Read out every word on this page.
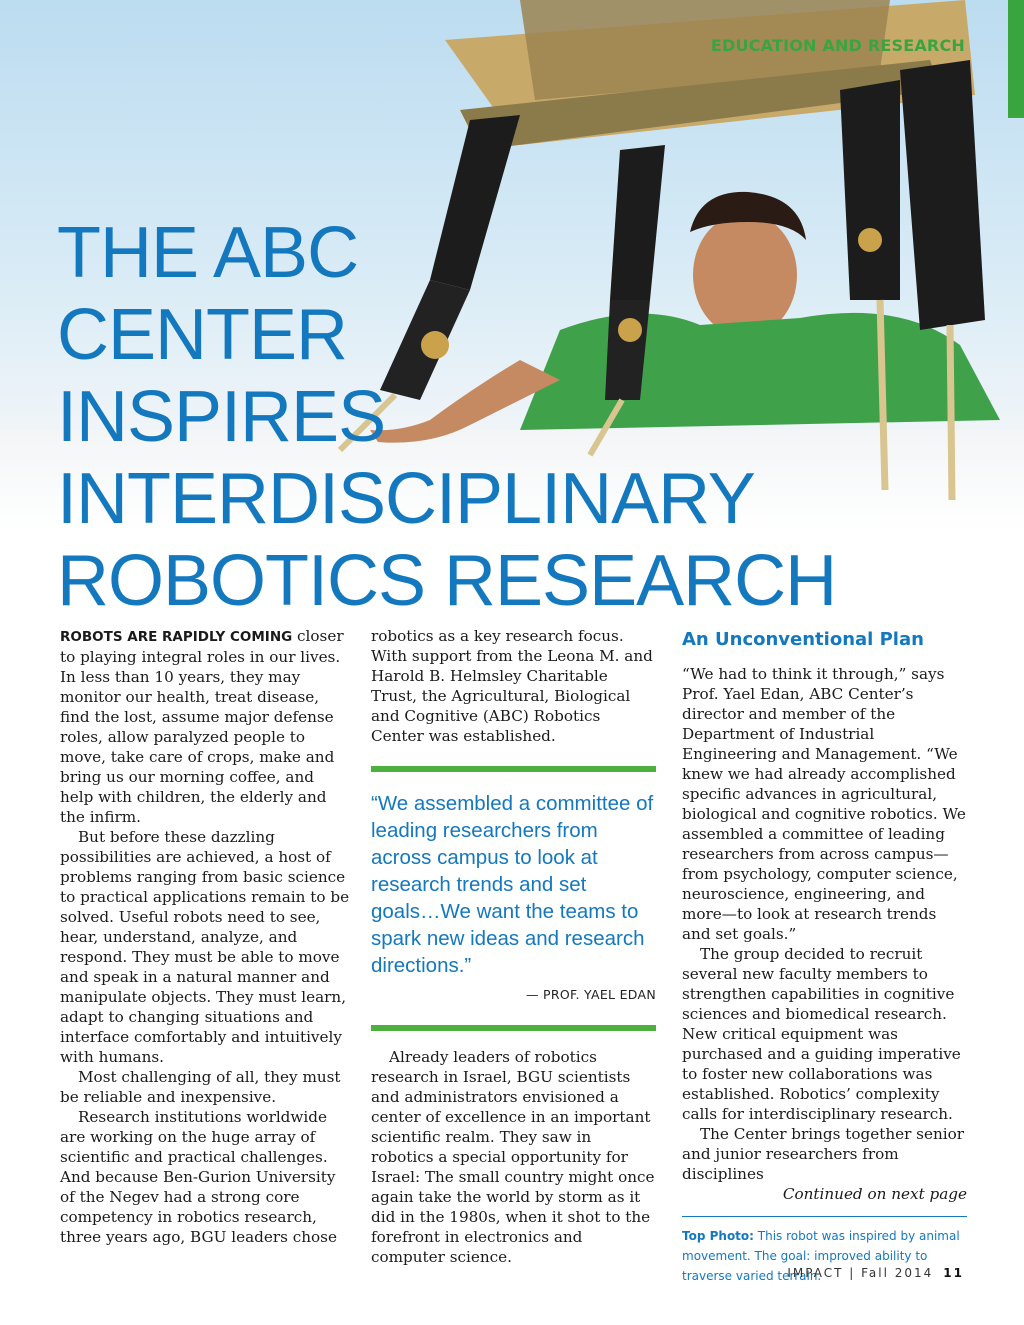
EDUCATION AND RESEARCH
THE ABC
CENTER
INSPIRES
INTERDISCIPLINARY
ROBOTICS RESEARCH

ROBOTS ARE RAPIDLY COMING closer to playing integral roles in our lives. In less than 10 years, they may monitor our health, treat disease, find the lost, assume major defense roles, allow paralyzed people to move, take care of crops, make and bring us our morning coffee, and help with children, the elderly and the infirm.

But before these dazzling possibilities are achieved, a host of problems ranging from basic science to practical applications remain to be solved. Useful robots need to see, hear, understand, analyze, and respond. They must be able to move and speak in a natural manner and manipulate objects. They must learn, adapt to changing situations and interface comfortably and intuitively with humans.

Most challenging of all, they must be reliable and inexpensive.

Research institutions worldwide are working on the huge array of scientific and practical challenges. And because Ben-Gurion University of the Negev had a strong core competency in robotics research, three years ago, BGU leaders chose

robotics as a key research focus. With support from the Leona M. and Harold B. Helmsley Charitable Trust, the Agricultural, Biological and Cognitive (ABC) Robotics Center was established.

“We assembled a committee of leading researchers from across campus to look at research trends and set goals…We want the teams to spark new ideas and research directions.”
— PROF. YAEL EDAN

Already leaders of robotics research in Israel, BGU scientists and administrators envisioned a center of excellence in an important scientific realm. They saw in robotics a special opportunity for Israel: The small country might once again take the world by storm as it did in the 1980s, when it shot to the forefront in electronics and computer science.

An Unconventional Plan

“We had to think it through,” says Prof. Yael Edan, ABC Center’s director and member of the Department of Industrial Engineering and Management. “We knew we had already accomplished specific advances in agricultural, biological and cognitive robotics. We assembled a committee of leading researchers from across campus—from psychology, computer science, neuroscience, engineering, and more—to look at research trends and set goals.”

The group decided to recruit several new faculty members to strengthen capabilities in cognitive sciences and biomedical research. New critical equipment was purchased and a guiding imperative to foster new collaborations was established. Robotics’ complexity calls for interdisciplinary research.

The Center brings together senior and junior researchers from disciplines

Continued on next page

Top Photo: This robot was inspired by animal movement. The goal: improved ability to traverse varied terrain.
IMPACT | Fall 2014 11
